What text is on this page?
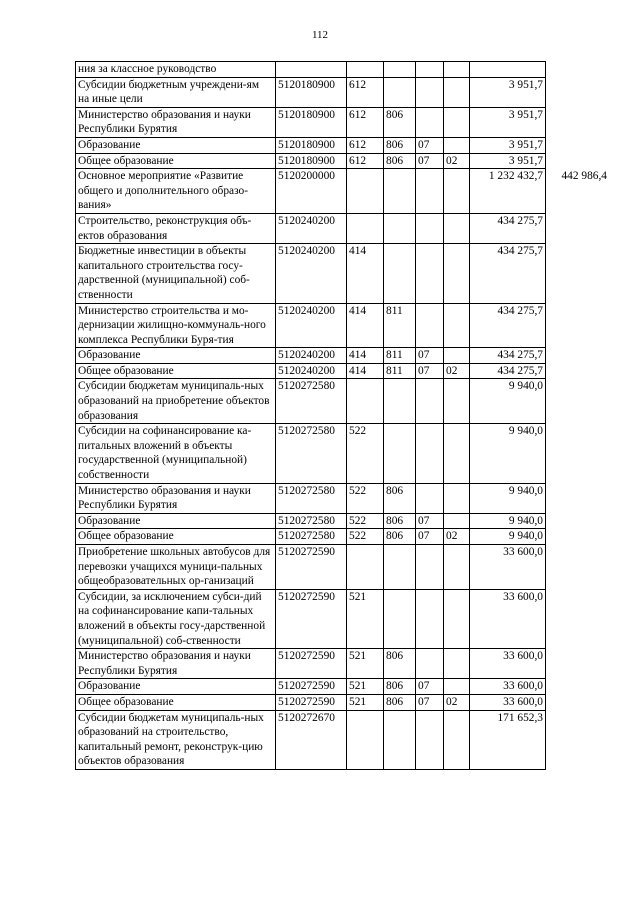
112
ния за классное руководство							
Субсидии бюджетным учреждени-ям на иные цели	5120180900	612				3 951,7	
Министерство образования и науки Республики Бурятия	5120180900	612	806			3 951,7	
Образование	5120180900	612	806	07		3 951,7	
Общее образование	5120180900	612	806	07	02	3 951,7	
Основное мероприятие «Развитие общего и дополнительного образо-вания»	5120200000					1 232 432,7	442 986,4
Строительство, реконструкция объ-ектов образования	5120240200					434 275,7	
Бюджетные инвестиции в объекты капитального строительства госу-дарственной (муниципальной) соб-ственности	5120240200	414				434 275,7	
Министерство строительства и мо-дернизации жилищно-коммуналь-ного комплекса Республики Буря-тия	5120240200	414	811			434 275,7	
Образование	5120240200	414	811	07		434 275,7	
Общее образование	5120240200	414	811	07	02	434 275,7	
Субсидии бюджетам муниципаль-ных образований на приобретение объектов образования	5120272580					9 940,0	
Субсидии на софинансирование ка-питальных вложений в объекты государственной (муниципальной) собственности	5120272580	522				9 940,0	
Министерство образования и науки Республики Бурятия	5120272580	522	806			9 940,0	
Образование	5120272580	522	806	07		9 940,0	
Общее образование	5120272580	522	806	07	02	9 940,0	
Приобретение школьных автобусов для перевозки учащихся муници-пальных общеобразовательных ор-ганизаций	5120272590					33 600,0	
Субсидии, за исключением субси-дий на софинансирование капи-тальных вложений в объекты госу-дарственной (муниципальной) соб-ственности	5120272590	521				33 600,0	
Министерство образования и науки Республики Бурятия	5120272590	521	806			33 600,0	
Образование	5120272590	521	806	07		33 600,0	
Общее образование	5120272590	521	806	07	02	33 600,0	
Субсидии бюджетам муниципаль-ных образований на строительство, капитальный ремонт, реконструк-цию объектов образования	5120272670					171 652,3	
